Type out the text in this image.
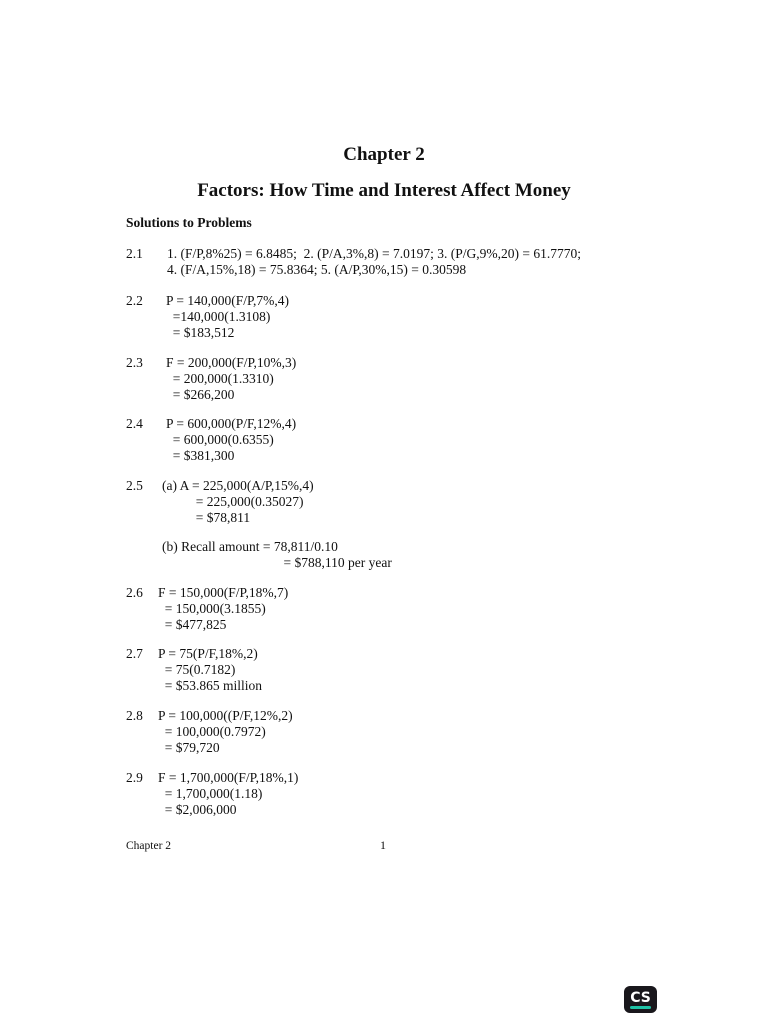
Chapter 2
Factors: How Time and Interest Affect Money
Solutions to Problems
2.1	1. (F/P,8%25) = 6.8485;  2. (P/A,3%,8) = 7.0197; 3. (P/G,9%,20) = 61.7770;
4. (F/A,15%,18) = 75.8364; 5. (A/P,30%,15) = 0.30598
2.2	P = 140,000(F/P,7%,4)
=140,000(1.3108)
= $183,512
2.3	F = 200,000(F/P,10%,3)
= 200,000(1.3310)
= $266,200
2.4	P = 600,000(P/F,12%,4)
= 600,000(0.6355)
= $381,300
2.5	(a) A = 225,000(A/P,15%,4)
= 225,000(0.35027)
= $78,811
(b) Recall amount = 78,811/0.10
= $788,110 per year
2.6	F = 150,000(F/P,18%,7)
= 150,000(3.1855)
= $477,825
2.7	P = 75(P/F,18%,2)
= 75(0.7182)
= $53.865 million
2.8	P = 100,000((P/F,12%,2)
= 100,000(0.7972)
= $79,720
2.9	F = 1,700,000(F/P,18%,1)
= 1,700,000(1.18)
= $2,006,000
Chapter 2	1
CS
